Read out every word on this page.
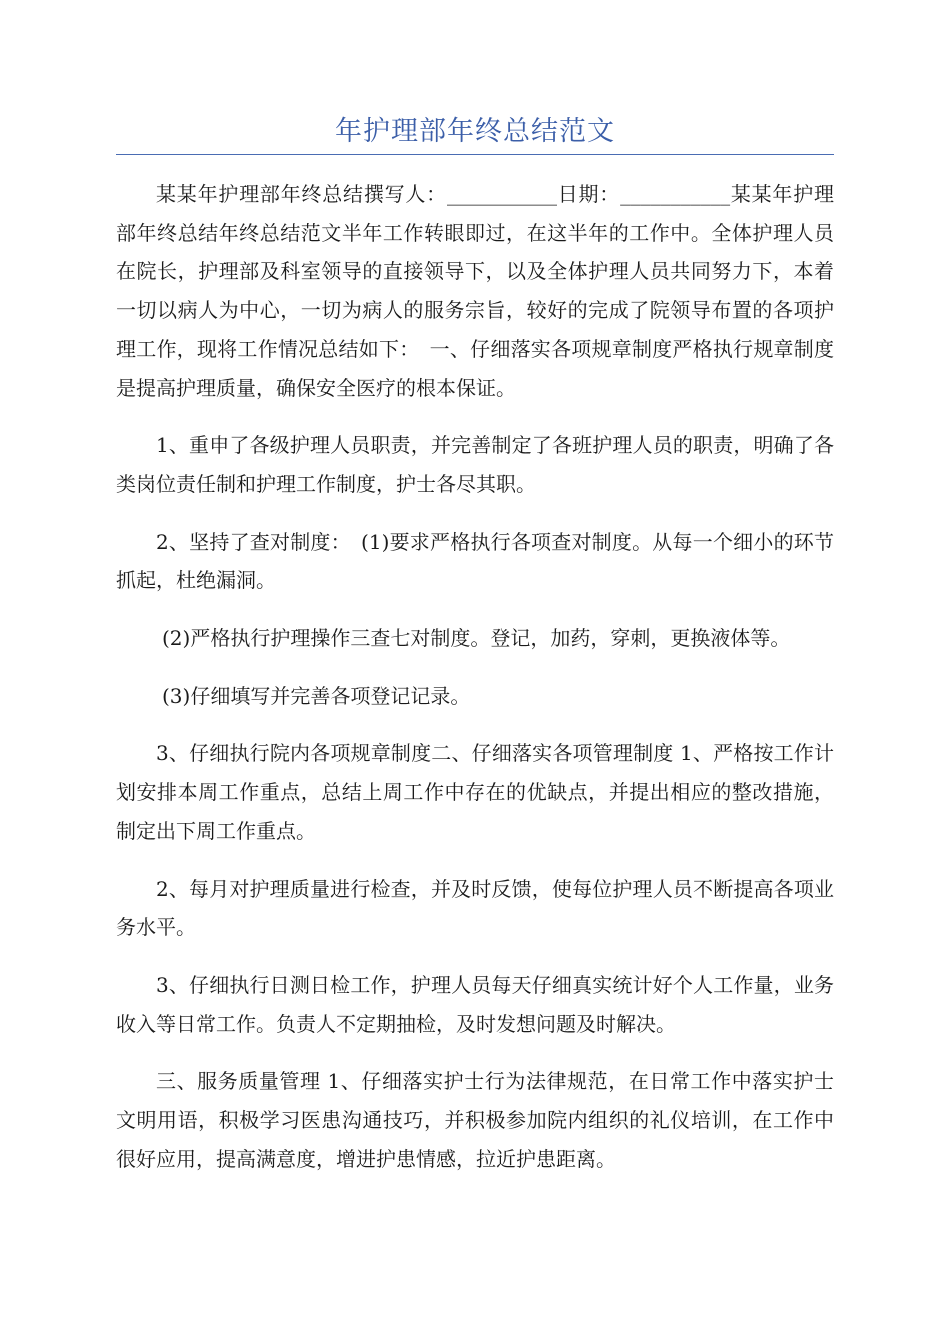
年护理部年终总结范文

某某年护理部年终总结撰写人：___________日期：___________某某年护理部年终总结年终总结范文半年工作转眼即过，在这半年的工作中。全体护理人员在院长，护理部及科室领导的直接领导下，以及全体护理人员共同努力下，本着一切以病人为中心，一切为病人的服务宗旨，较好的完成了院领导布置的各项护理工作，现将工作情况总结如下：　一、仔细落实各项规章制度严格执行规章制度是提高护理质量，确保安全医疗的根本保证。

1、重申了各级护理人员职责，并完善制定了各班护理人员的职责，明确了各类岗位责任制和护理工作制度，护士各尽其职。

2、坚持了查对制度：　(1)要求严格执行各项查对制度。从每一个细小的环节抓起，杜绝漏洞。

(2)严格执行护理操作三查七对制度。登记，加药，穿刺，更换液体等。

(3)仔细填写并完善各项登记记录。

3、仔细执行院内各项规章制度二、仔细落实各项管理制度 1、严格按工作计划安排本周工作重点，总结上周工作中存在的优缺点，并提出相应的整改措施，制定出下周工作重点。

2、每月对护理质量进行检查，并及时反馈，使每位护理人员不断提高各项业务水平。

3、仔细执行日测日检工作，护理人员每天仔细真实统计好个人工作量，业务收入等日常工作。负责人不定期抽检，及时发想问题及时解决。

三、服务质量管理 1、仔细落实护士行为法律规范，在日常工作中落实护士文明用语，积极学习医患沟通技巧，并积极参加院内组织的礼仪培训，在工作中很好应用，提高满意度，增进护患情感，拉近护患距离。
